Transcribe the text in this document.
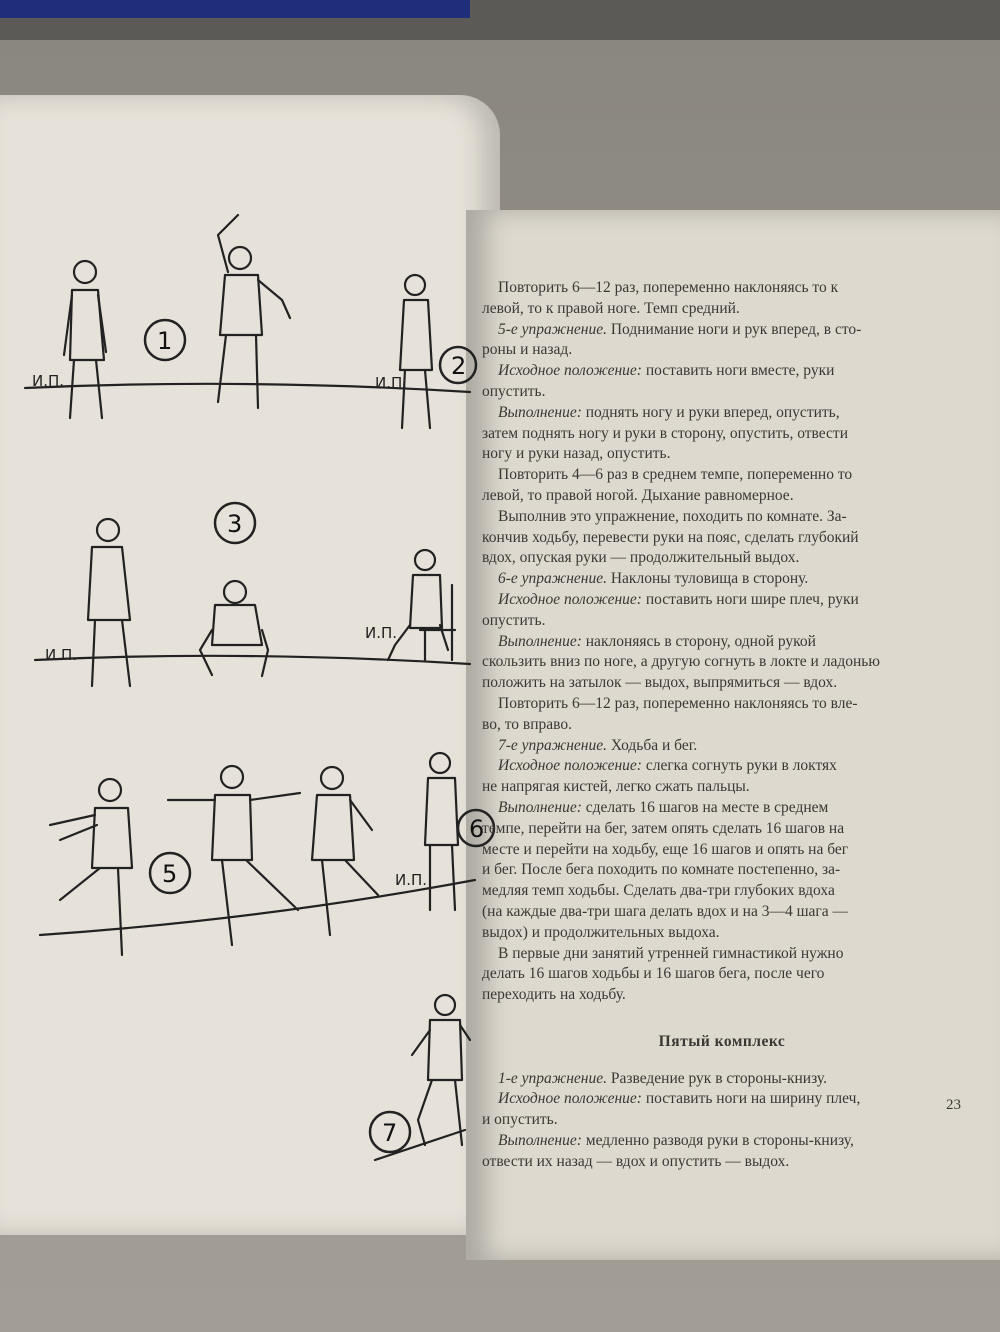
И.П.	И.П.
И.П.
И.П.
И.П.
1
2
3
5
6
7

Повторить 6—12 раз, попеременно наклоняясь то к

левой, то к правой ноге. Темп средний.

5-е упражнение. Поднимание ноги и рук вперед, в сто-

роны и назад.

Исходное положение: поставить ноги вместе, руки

опустить.

Выполнение: поднять ногу и руки вперед, опустить,

затем поднять ногу и руки в сторону, опустить, отвести

ногу и руки назад, опустить.

Повторить 4—6 раз в среднем темпе, попеременно то

левой, то правой ногой. Дыхание равномерное.

Выполнив это упражнение, походить по комнате. За-

кончив ходьбу, перевести руки на пояс, сделать глубокий

вдох, опуская руки — продолжительный выдох.

6-е упражнение. Наклоны туловища в сторону.

Исходное положение: поставить ноги шире плеч, руки

опустить.

Выполнение: наклоняясь в сторону, одной рукой

скользить вниз по ноге, а другую согнуть в локте и ладонью

положить на затылок — выдох, выпрямиться — вдох.

Повторить 6—12 раз, попеременно наклоняясь то вле-

во, то вправо.

7-е упражнение. Ходьба и бег.

Исходное положение: слегка согнуть руки в локтях

не напрягая кистей, легко сжать пальцы.

Выполнение: сделать 16 шагов на месте в среднем

темпе, перейти на бег, затем опять сделать 16 шагов на

месте и перейти на ходьбу, еще 16 шагов и опять на бег

и бег. После бега походить по комнате постепенно, за-

медляя темп ходьбы. Сделать два-три глубоких вдоха

(на каждые два-три шага делать вдох и на 3—4 шага —

выдох) и продолжительных выдоха.

В первые дни занятий утренней гимнастикой нужно

делать 16 шагов ходьбы и 16 шагов бега, после чего

переходить на ходьбу.

Пятый комплекс

1-е упражнение. Разведение рук в стороны-книзу.

Исходное положение: поставить ноги на ширину плеч,

и опустить.

Выполнение: медленно разводя руки в стороны-книзу,

отвести их назад — вдох и опустить — выдох.

23
